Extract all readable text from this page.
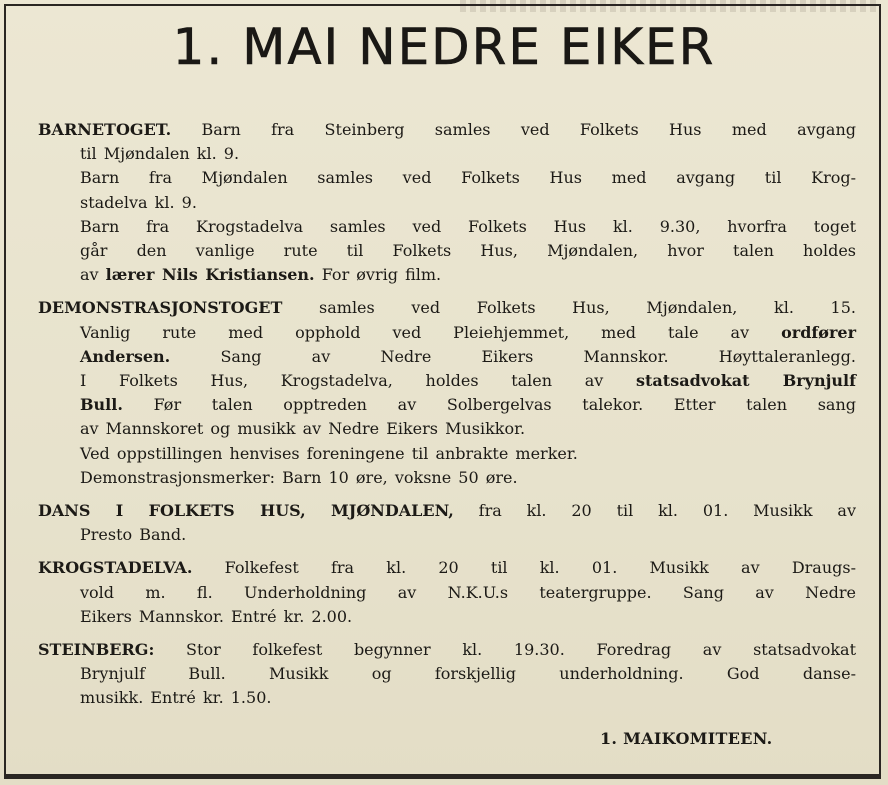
1. MAI NEDRE EIKER
BARNETOGET. Barn fra Steinberg samles ved Folkets Hus med avgang
til Mjøndalen kl. 9.
Barn fra Mjøndalen samles ved Folkets Hus med avgang til Krog-
stadelva kl. 9.
Barn fra Krogstadelva samles ved Folkets Hus kl. 9.30, hvorfra toget
går den vanlige rute til Folkets Hus, Mjøndalen, hvor talen holdes
av lærer Nils Kristiansen. For øvrig film.
DEMONSTRASJONSTOGET samles ved Folkets Hus, Mjøndalen, kl. 15.
Vanlig rute med opphold ved Pleiehjemmet, med tale av ordfører
Andersen.	Sang av Nedre Eikers Mannskor. Høyttaleranlegg.
I Folkets Hus, Krogstadelva, holdes talen av statsadvokat Brynjulf
Bull. Før talen opptreden av Solbergelvas talekor. Etter talen sang
av Mannskoret og musikk av Nedre Eikers Musikkor.
Ved oppstillingen henvises foreningene til anbrakte merker.
Demonstrasjonsmerker: Barn 10 øre, voksne 50 øre.
DANS I FOLKETS HUS, MJØNDALEN, fra kl. 20 til kl. 01. Musikk av
Presto Band.
KROGSTADELVA. Folkefest fra kl. 20 til kl. 01. Musikk av Draugs-
vold m. fl. Underholdning av N.K.U.s teatergruppe. Sang av Nedre
Eikers Mannskor. Entré kr. 2.00.
STEINBERG: Stor folkefest begynner kl. 19.30. Foredrag av statsadvokat
Brynjulf Bull. Musikk og forskjellig underholdning. God danse-
musikk. Entré kr. 1.50.
1. MAIKOMITEEN.
